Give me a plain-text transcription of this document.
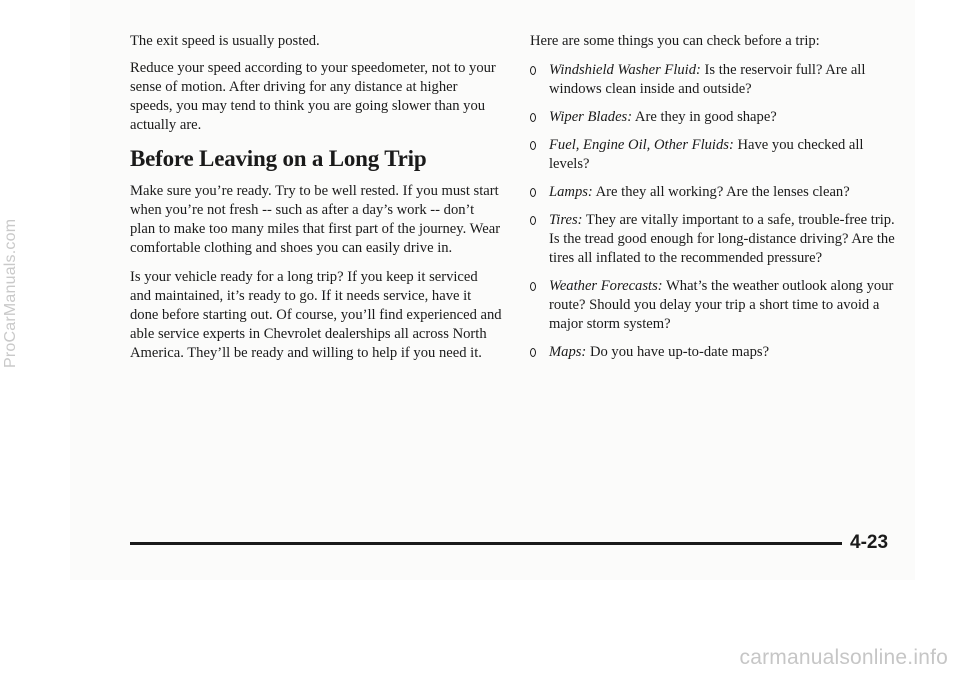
ProCarManuals.com

The exit speed is usually posted.

Reduce your speed according to your speedometer, not to your sense of motion. After driving for any distance at higher speeds, you may tend to think you are going slower than you actually are.

Before Leaving on a Long Trip

Make sure you’re ready. Try to be well rested. If you must start when you’re not fresh -- such as after a day’s work -- don’t plan to make too many miles that first part of the journey. Wear comfortable clothing and shoes you can easily drive in.

Is your vehicle ready for a long trip? If you keep it serviced and maintained, it’s ready to go. If it needs service, have it done before starting out. Of course, you’ll find experienced and able service experts in Chevrolet dealerships all across North America. They’ll be ready and willing to help if you need it.

Here are some things you can check before a trip:

Windshield Washer Fluid: Is the reservoir full? Are all windows clean inside and outside?
Wiper Blades: Are they in good shape?
Fuel, Engine Oil, Other Fluids: Have you checked all levels?
Lamps: Are they all working? Are the lenses clean?
Tires: They are vitally important to a safe, trouble-free trip. Is the tread good enough for long-distance driving? Are the tires all inflated to the recommended pressure?
Weather Forecasts: What’s the weather outlook along your route? Should you delay your trip a short time to avoid a major storm system?
Maps: Do you have up-to-date maps?
4-23
carmanualsonline.info
